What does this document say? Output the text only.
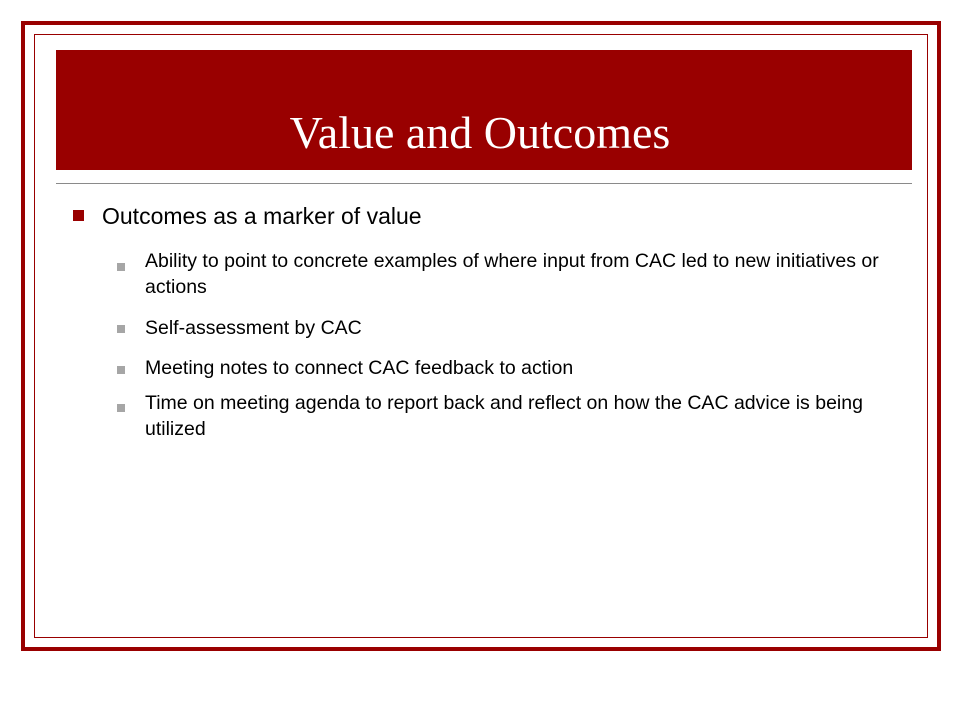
Value and Outcomes
Outcomes as a marker of value
Ability to point to concrete examples of where input from CAC led to new initiatives or actions
Self-assessment by CAC
Meeting notes to connect CAC feedback to action
Time on meeting agenda to report back and reflect on how the CAC advice is being utilized
